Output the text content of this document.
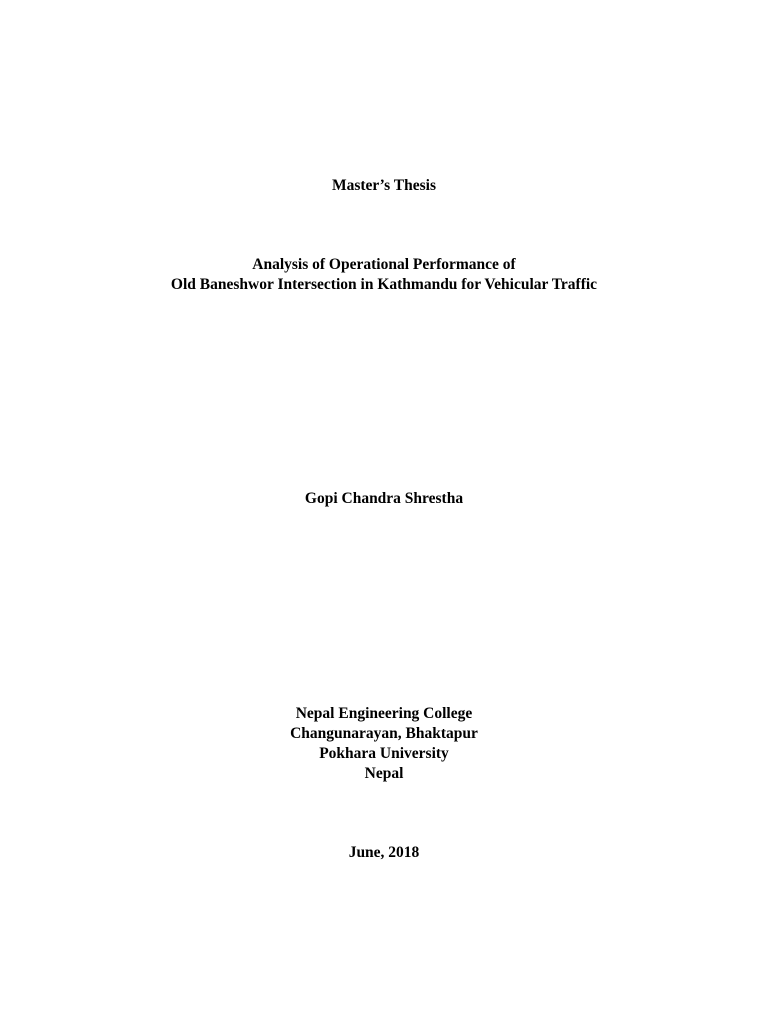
Master’s Thesis
Analysis of Operational Performance of
Old Baneshwor Intersection in Kathmandu for Vehicular Traffic
Gopi Chandra Shrestha
Nepal Engineering College
Changunarayan, Bhaktapur
Pokhara University
Nepal
June, 2018
